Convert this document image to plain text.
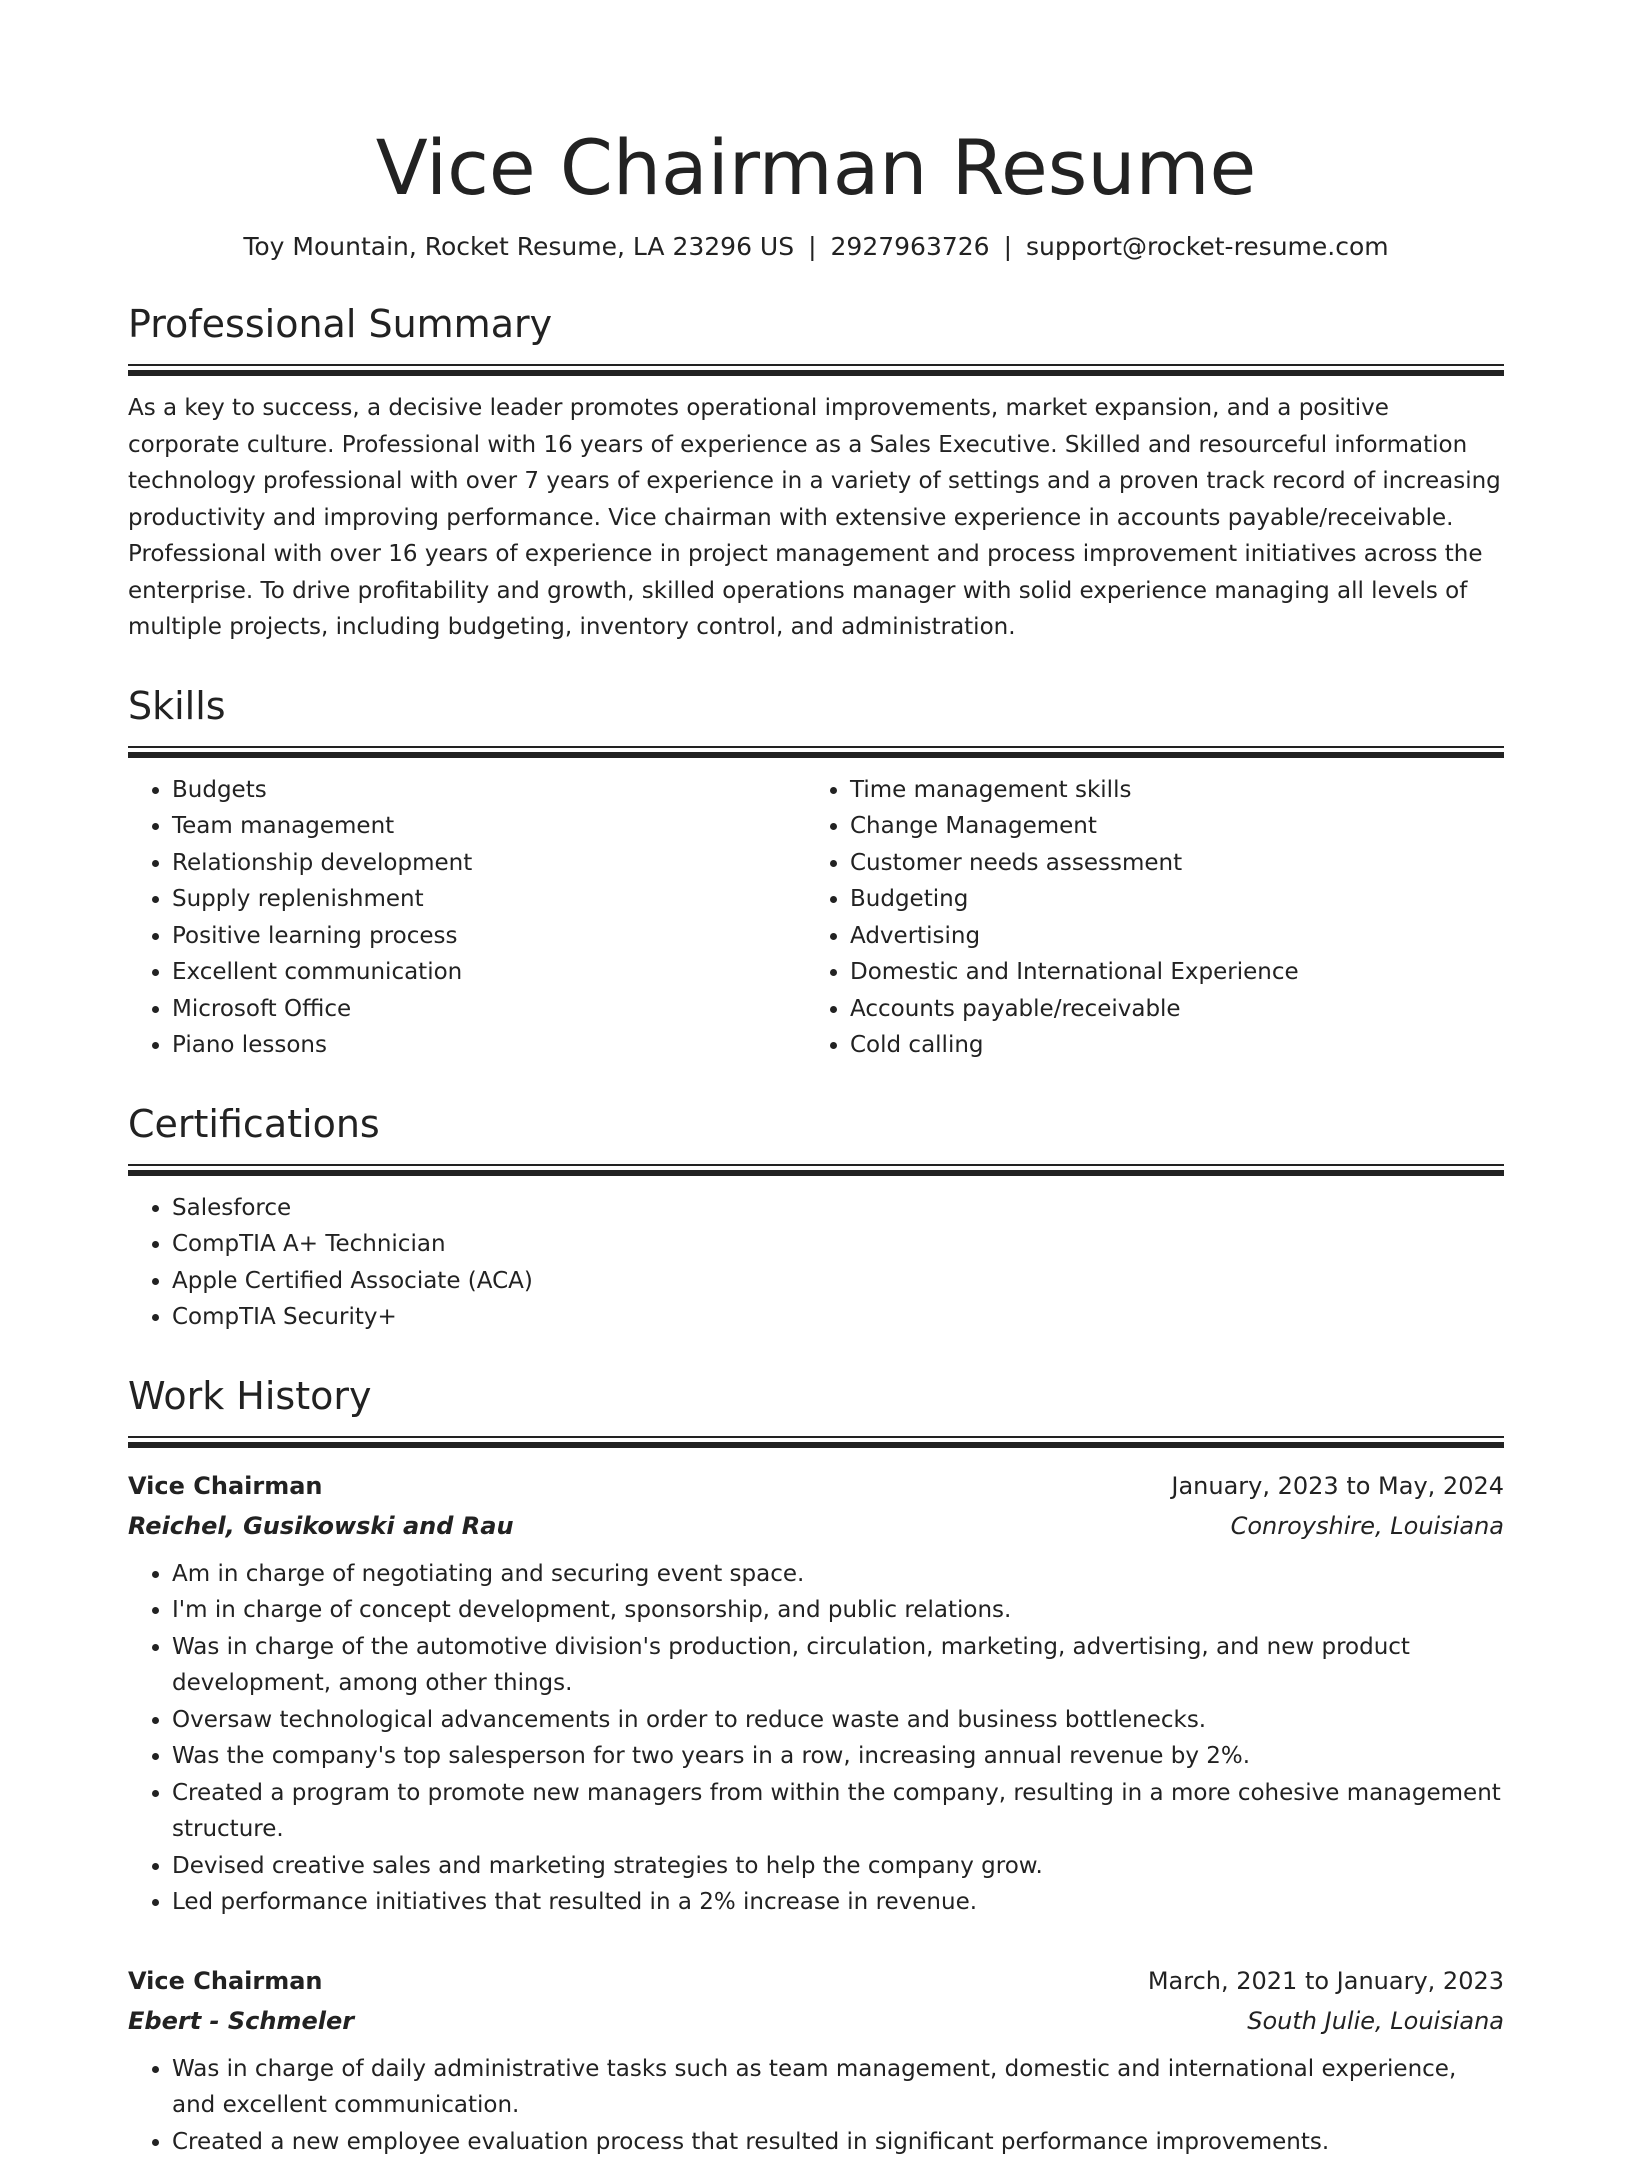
Vice Chairman Resume
Toy Mountain, Rocket Resume, LA 23296 US | 2927963726 | support@rocket-resume.com
Professional Summary
As a key to success, a decisive leader promotes operational improvements, market expansion, and a positive corporate culture. Professional with 16 years of experience as a Sales Executive. Skilled and resourceful information technology professional with over 7 years of experience in a variety of settings and a proven track record of increasing productivity and improving performance. Vice chairman with extensive experience in accounts payable/receivable. Professional with over 16 years of experience in project management and process improvement initiatives across the enterprise. To drive profitability and growth, skilled operations manager with solid experience managing all levels of multiple projects, including budgeting, inventory control, and administration.
Skills
• Budgets
• Team management
• Relationship development
• Supply replenishment
• Positive learning process
• Excellent communication
• Microsoft Office
• Piano lessons
• Time management skills
• Change Management
• Customer needs assessment
• Budgeting
• Advertising
• Domestic and International Experience
• Accounts payable/receivable
• Cold calling
Certifications
• Salesforce
• CompTIA A+ Technician
• Apple Certified Associate (ACA)
• CompTIA Security+
Work History
Vice Chairman	January, 2023 to May, 2024
Reichel, Gusikowski and Rau	Conroyshire, Louisiana
• Am in charge of negotiating and securing event space.
• I'm in charge of concept development, sponsorship, and public relations.
• Was in charge of the automotive division's production, circulation, marketing, advertising, and new product development, among other things.
• Oversaw technological advancements in order to reduce waste and business bottlenecks.
• Was the company's top salesperson for two years in a row, increasing annual revenue by 2%.
• Created a program to promote new managers from within the company, resulting in a more cohesive management structure.
• Devised creative sales and marketing strategies to help the company grow.
• Led performance initiatives that resulted in a 2% increase in revenue.
Vice Chairman	March, 2021 to January, 2023
Ebert - Schmeler	South Julie, Louisiana
• Was in charge of daily administrative tasks such as team management, domestic and international experience, and excellent communication.
• Created a new employee evaluation process that resulted in significant performance improvements.
